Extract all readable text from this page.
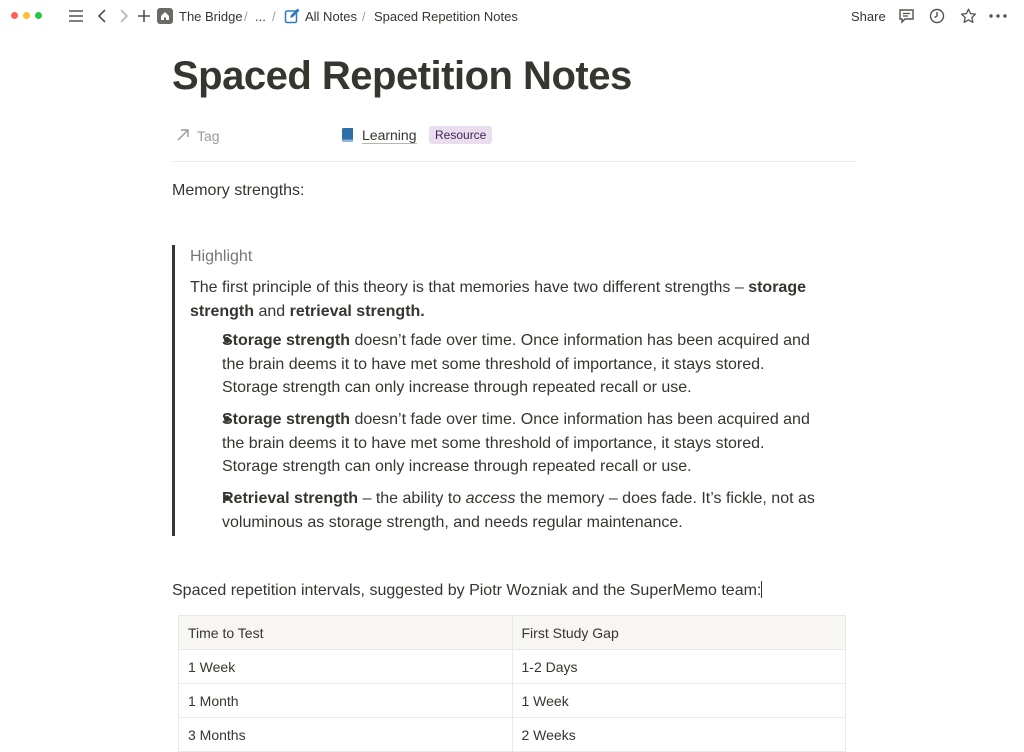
The Bridge / ... / All Notes / Spaced Repetition Notes	Share
Spaced Repetition Notes
Tag	Learning	Resource

Memory strengths:

Highlight
The first principle of this theory is that memories have two different strengths – storage strength and retrieval strength.
Storage strength doesn’t fade over time. Once information has been acquired and
the brain deems it to have met some threshold of importance, it stays stored.
Storage strength can only increase through repeated recall or use.
Storage strength doesn’t fade over time. Once information has been acquired and
the brain deems it to have met some threshold of importance, it stays stored.
Storage strength can only increase through repeated recall or use.
Retrieval strength – the ability to access the memory – does fade. It’s fickle, not as
voluminous as storage strength, and needs regular maintenance.

Spaced repetition intervals, suggested by Piotr Wozniak and the SuperMemo team:

Time to Test	First Study Gap
1 Week	1-2 Days
1 Month	1 Week
3 Months	2 Weeks
